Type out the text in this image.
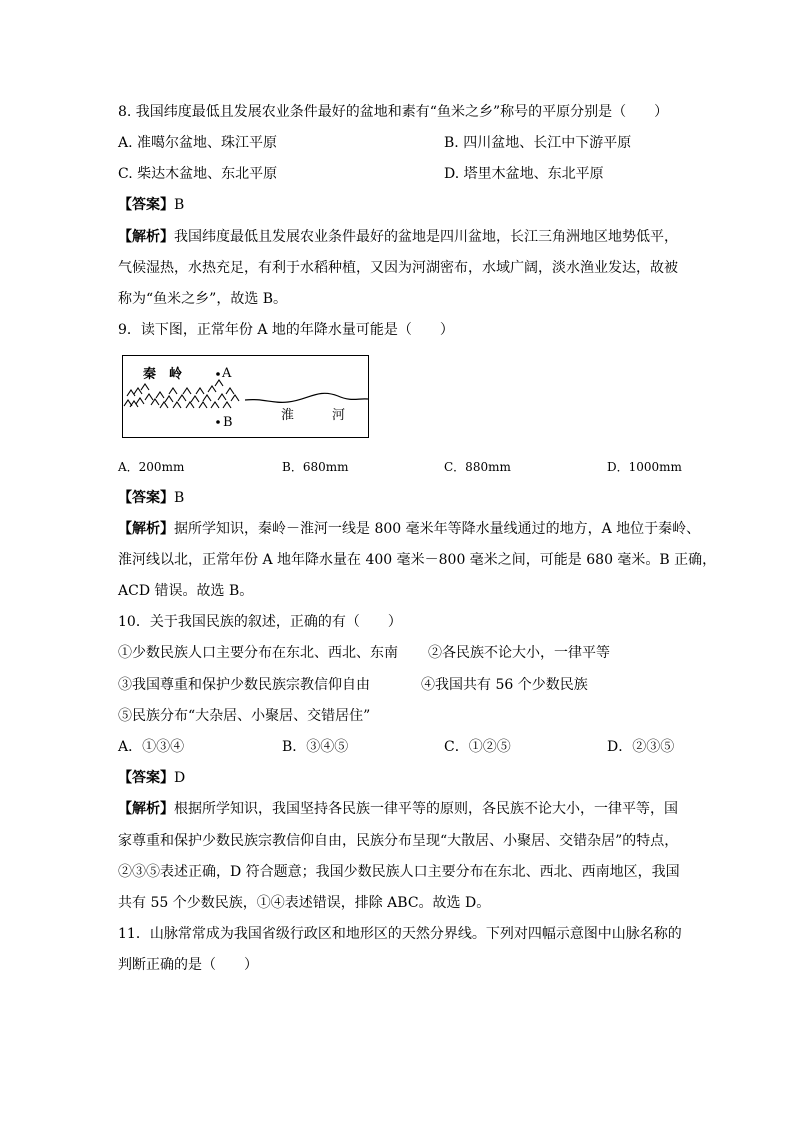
8. 我国纬度最低且发展农业条件最好的盆地和素有“鱼米之乡”称号的平原分别是（　　）
A. 准噶尔盆地、珠江平原	B. 四川盆地、长江中下游平原
C. 柴达木盆地、东北平原	D. 塔里木盆地、东北平原
【答案】B
【解析】我国纬度最低且发展农业条件最好的盆地是四川盆地，长江三角洲地区地势低平，
气候湿热，水热充足，有利于水稻种植，又因为河湖密布，水域广阔，淡水渔业发达，故被
称为“鱼米之乡”，故选 B。
9．读下图，正常年份 A 地的年降水量可能是（　　）
秦　岭	A
B	淮	河
A．200mm	B．680mm	C．880mm	D．1000mm
【答案】B
【解析】据所学知识，秦岭－淮河一线是 800 毫米年等降水量线通过的地方，A 地位于秦岭、
淮河线以北，正常年份 A 地年降水量在 400 毫米－800 毫米之间，可能是 680 毫米。B 正确，
ACD 错误。故选 B。
10．关于我国民族的叙述，正确的有（　　）
①少数民族人口主要分布在东北、西北、东南 ②各民族不论大小，一律平等
③我国尊重和保护少数民族宗教信仰自由	④我国共有 56 个少数民族
⑤民族分布“大杂居、小聚居、交错居住”
A．①③④	B．③④⑤	C．①②⑤	D．②③⑤
【答案】D
【解析】根据所学知识，我国坚持各民族一律平等的原则，各民族不论大小，一律平等，国
家尊重和保护少数民族宗教信仰自由，民族分布呈现“大散居、小聚居、交错杂居”的特点，
②③⑤表述正确，D 符合题意；我国少数民族人口主要分布在东北、西北、西南地区，我国
共有 55 个少数民族，①④表述错误，排除 ABC。故选 D。
11．山脉常常成为我国省级行政区和地形区的天然分界线。下列对四幅示意图中山脉名称的
判断正确的是（　　）
